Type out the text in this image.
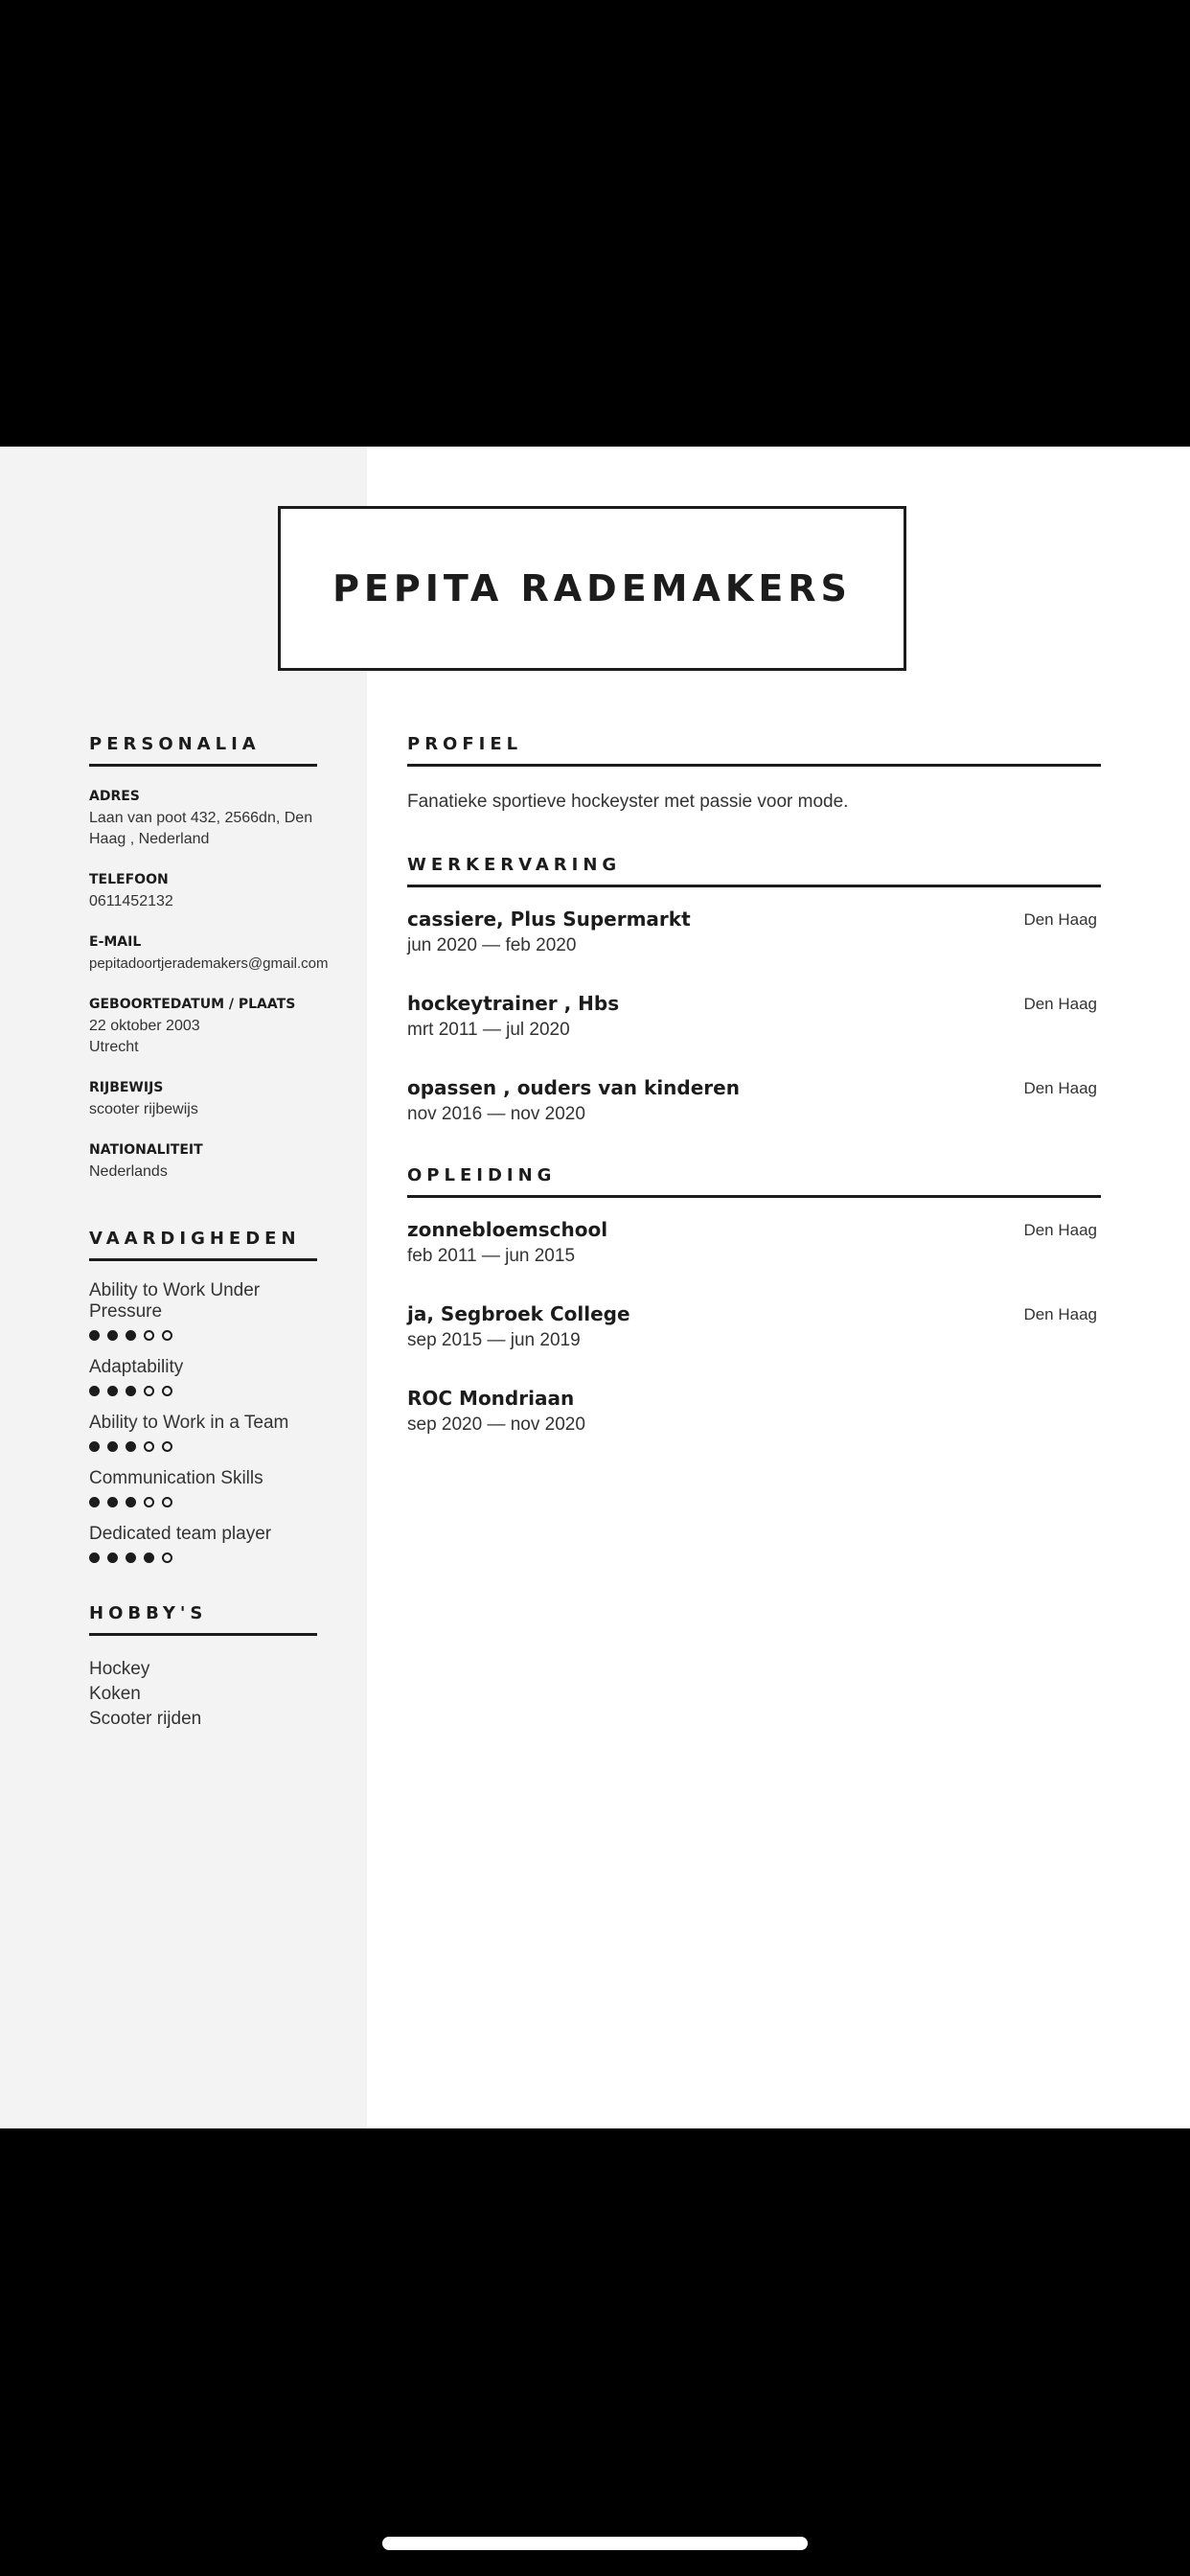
PEPITA RADEMAKERS
PERSONALIA
ADRES
Laan van poot 432, 2566dn, Den Haag , Nederland
TELEFOON
0611452132
E-MAIL
pepitadoortjerademakers@gmail.com
GEBOORTEDATUM / PLAATS
22 oktober 2003
Utrecht
RIJBEWIJS
scooter rijbewijs
NATIONALITEIT
Nederlands
VAARDIGHEDEN
Ability to Work Under Pressure
Adaptability
Ability to Work in a Team
Communication Skills
Dedicated team player
HOBBY'S
Hockey
Koken
Scooter rijden
PROFIEL
Fanatieke sportieve hockeyster met passie voor mode.
WERKERVARING
cassiere, Plus Supermarkt	Den Haag
jun 2020 — feb 2020
hockeytrainer , Hbs	Den Haag
mrt 2011 — jul 2020
opassen , ouders van kinderen	Den Haag
nov 2016 — nov 2020
OPLEIDING
zonnebloemschool	Den Haag
feb 2011 — jun 2015
ja, Segbroek College	Den Haag
sep 2015 — jun 2019
ROC Mondriaan
sep 2020 — nov 2020
